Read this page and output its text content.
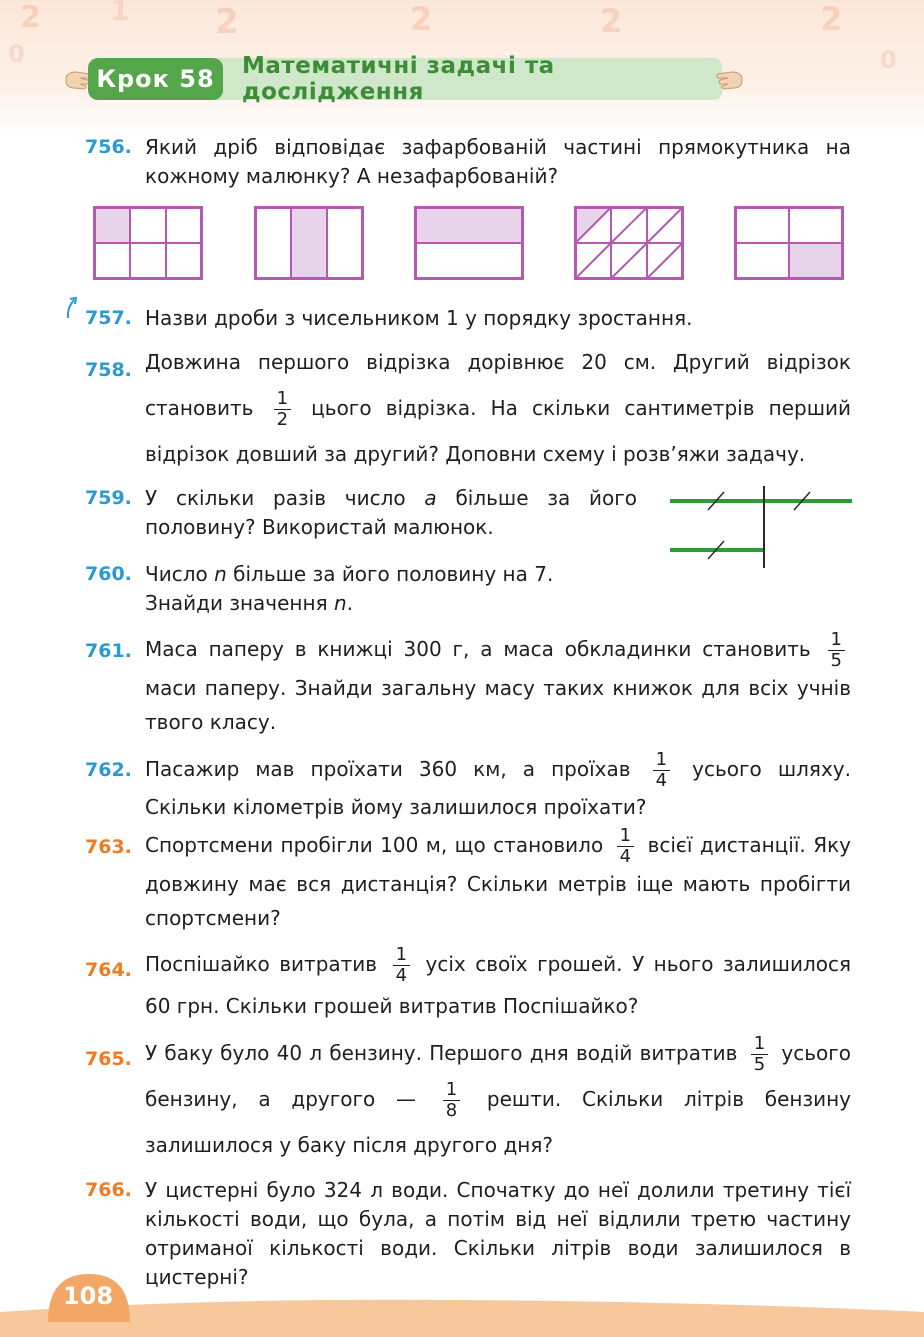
2 1	2	2	2	2
0	0
Крок 58	Математичні задачі та дослідження
756. Який дріб відповідає зафарбованій частині прямокутника на кожному малюнку? А незафарбованій?
757. Назви дроби з чисельником 1 у порядку зростання.
758. Довжина першого відрізка дорівнює 20 см. Другий відрізок становить $\frac{1}{2}$ цього відрізка. На скільки сантиметрів перший відрізок довший за другий? Доповни схему і розв’яжи задачу.
759. У скільки разів число a більше за його половину? Використай малюнок.
760. Число n більше за його половину на 7. Знайди значення n.
761. Маса паперу в книжці 300 г, а маса обкладинки становить $\frac{1}{5}$
маси паперу. Знайди загальну масу таких книжок для всіх учнів твого класу.
762. Пасажир мав проїхати 360 км, а проїхав $\frac{1}{4}$ усього шляху. Скільки кілометрів йому залишилося проїхати?
763. Спортсмени пробігли 100 м, що становило $\frac{1}{4}$ всієї дистанції. Яку довжину має вся дистанція? Скільки метрів іще мають пробігти спортсмени?
764. Поспішайко витратив $\frac{1}{4}$ усіх своїх грошей. У нього залишилося 60 грн. Скільки грошей витратив Поспішайко?
765. У баку було 40 л бензину. Першого дня водій витратив $\frac{1}{5}$ усього бензину, а другого — $\frac{1}{8}$ решти. Скільки літрів бензину залишилося у баку після другого дня?
766. У цистерні було 324 л води. Спочатку до неї долили третину тієї кількості води, що була, а потім від неї відлили третю частину отриманої кількості води. Скільки літрів води залишилося в цистерні?
108
